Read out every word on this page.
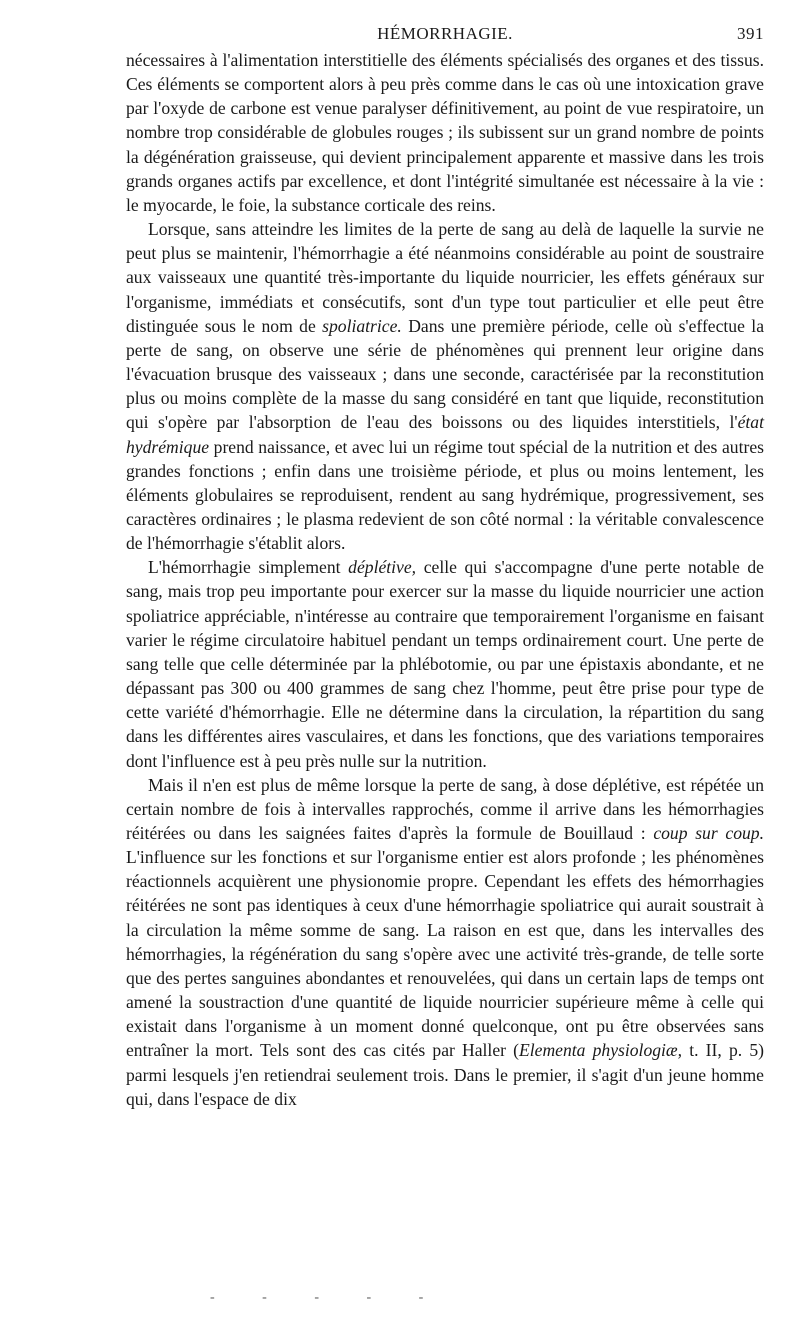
HÉMORRHAGIE.	391

nécessaires à l'alimentation interstitielle des éléments spécialisés des organes et des tissus. Ces éléments se comportent alors à peu près comme dans le cas où une intoxication grave par l'oxyde de carbone est venue paralyser définitivement, au point de vue respiratoire, un nombre trop considérable de globules rouges ; ils subissent sur un grand nombre de points la dégénération graisseuse, qui devient principalement apparente et massive dans les trois grands organes actifs par excellence, et dont l'intégrité simultanée est nécessaire à la vie : le myocarde, le foie, la substance corticale des reins.

Lorsque, sans atteindre les limites de la perte de sang au delà de laquelle la survie ne peut plus se maintenir, l'hémorrhagie a été néanmoins considérable au point de soustraire aux vaisseaux une quantité très-importante du liquide nourricier, les effets généraux sur l'organisme, immédiats et consécutifs, sont d'un type tout particulier et elle peut être distinguée sous le nom de spoliatrice. Dans une première période, celle où s'effectue la perte de sang, on observe une série de phénomènes qui prennent leur origine dans l'évacuation brusque des vaisseaux ; dans une seconde, caractérisée par la reconstitution plus ou moins complète de la masse du sang considéré en tant que liquide, reconstitution qui s'opère par l'absorption de l'eau des boissons ou des liquides interstitiels, l'état hydrémique prend naissance, et avec lui un régime tout spécial de la nutrition et des autres grandes fonctions ; enfin dans une troisième période, et plus ou moins lentement, les éléments globulaires se reproduisent, rendent au sang hydrémique, progressivement, ses caractères ordinaires ; le plasma redevient de son côté normal : la véritable convalescence de l'hémorrhagie s'établit alors.

L'hémorrhagie simplement déplétive, celle qui s'accompagne d'une perte notable de sang, mais trop peu importante pour exercer sur la masse du liquide nourricier une action spoliatrice appréciable, n'intéresse au contraire que temporairement l'organisme en faisant varier le régime circulatoire habituel pendant un temps ordinairement court. Une perte de sang telle que celle déterminée par la phlébotomie, ou par une épistaxis abondante, et ne dépassant pas 300 ou 400 grammes de sang chez l'homme, peut être prise pour type de cette variété d'hémorrhagie. Elle ne détermine dans la circulation, la répartition du sang dans les différentes aires vasculaires, et dans les fonctions, que des variations temporaires dont l'influence est à peu près nulle sur la nutrition.

Mais il n'en est plus de même lorsque la perte de sang, à dose déplétive, est répétée un certain nombre de fois à intervalles rapprochés, comme il arrive dans les hémorrhagies réitérées ou dans les saignées faites d'après la formule de Bouillaud : coup sur coup. L'influence sur les fonctions et sur l'organisme entier est alors profonde ; les phénomènes réactionnels acquièrent une physionomie propre. Cependant les effets des hémorrhagies réitérées ne sont pas identiques à ceux d'une hémorrhagie spoliatrice qui aurait soustrait à la circulation la même somme de sang. La raison en est que, dans les intervalles des hémorrhagies, la régénération du sang s'opère avec une activité très-grande, de telle sorte que des pertes sanguines abondantes et renouvelées, qui dans un certain laps de temps ont amené la soustraction d'une quantité de liquide nourricier supérieure même à celle qui existait dans l'organisme à un moment donné quelconque, ont pu être observées sans entraîner la mort. Tels sont des cas cités par Haller (Elementa physiologiæ, t. II, p. 5) parmi lesquels j'en retiendrai seulement trois. Dans le premier, il s'agit d'un jeune homme qui, dans l'espace de dix

- - - - -
